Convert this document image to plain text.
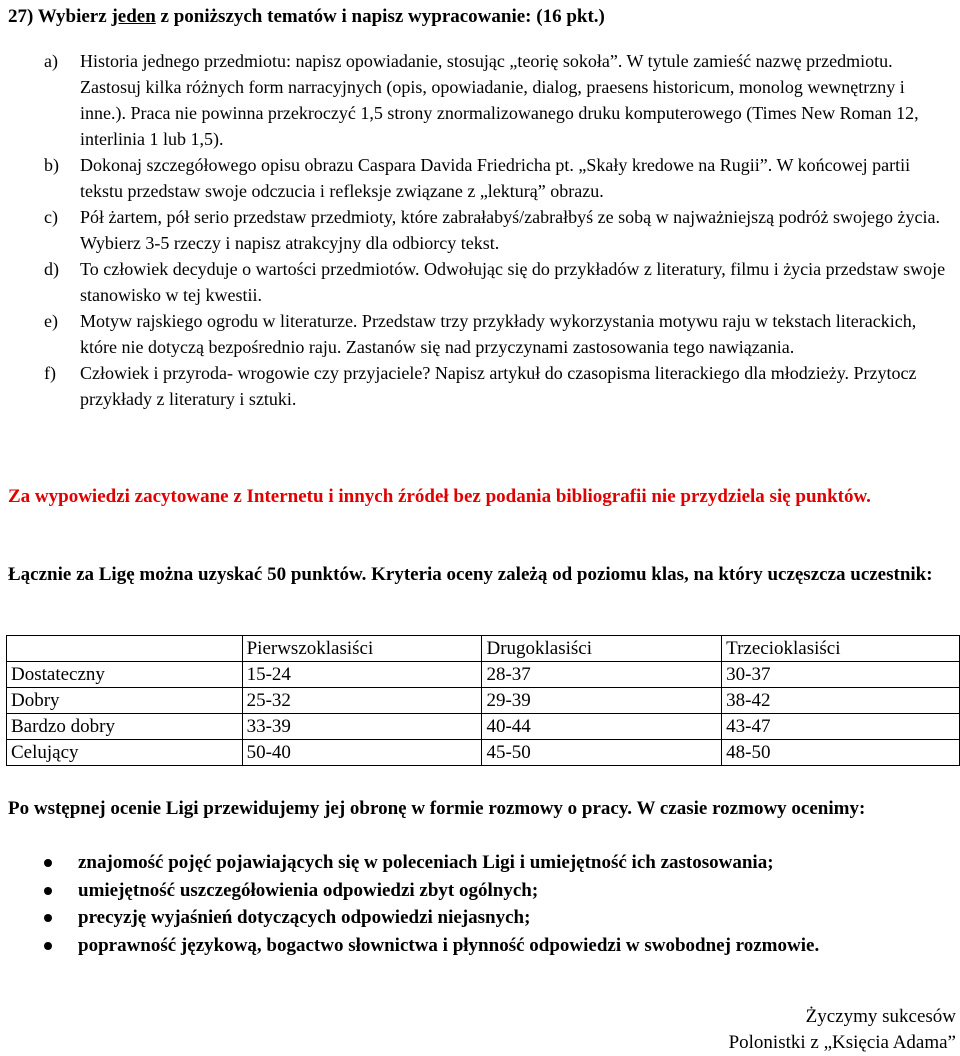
27) Wybierz jeden z poniższych tematów i napisz wypracowanie: (16 pkt.)
a) Historia jednego przedmiotu: napisz opowiadanie, stosując „teorię sokoła”. W tytule zamieść nazwę przedmiotu. Zastosuj kilka różnych form narracyjnych (opis, opowiadanie, dialog, praesens historicum, monolog wewnętrzny i inne.). Praca nie powinna przekroczyć 1,5 strony znormalizowanego druku komputerowego (Times New Roman 12, interlinia 1 lub 1,5).
b) Dokonaj szczegółowego opisu obrazu Caspara Davida Friedricha pt. „Skały kredowe na Rugii”. W końcowej partii tekstu przedstaw swoje odczucia i refleksje związane z „lekturą” obrazu.
c) Pół żartem, pół serio przedstaw przedmioty, które zabrałabyś/zabrałbyś ze sobą w najważniejszą podróż swojego życia. Wybierz 3-5 rzeczy i napisz atrakcyjny dla odbiorcy tekst.
d) To człowiek decyduje o wartości przedmiotów. Odwołując się do przykładów z literatury, filmu i życia przedstaw swoje stanowisko w tej kwestii.
e) Motyw rajskiego ogrodu w literaturze. Przedstaw trzy przykłady wykorzystania motywu raju w tekstach literackich, które nie dotyczą bezpośrednio raju. Zastanów się nad przyczynami zastosowania tego nawiązania.
f) Człowiek i przyroda- wrogowie czy przyjaciele? Napisz artykuł do czasopisma literackiego dla młodzieży. Przytocz przykłady z literatury i sztuki.
Za wypowiedzi zacytowane z Internetu i innych źródeł bez podania bibliografii nie przydziela się punktów.
Łącznie za Ligę można uzyskać 50 punktów. Kryteria oceny zależą od poziomu klas, na który uczęszcza uczestnik:
	Pierwszoklasiści	Drugoklasiści	Trzecioklasiści
Dostateczny	15-24	28-37	30-37
Dobry	25-32	29-39	38-42
Bardzo dobry	33-39	40-44	43-47
Celujący	50-40	45-50	48-50
Po wstępnej ocenie Ligi przewidujemy jej obronę w formie rozmowy o pracy. W czasie rozmowy ocenimy:
znajomość pojęć pojawiających się w poleceniach Ligi i umiejętność ich zastosowania;
umiejętność uszczegółowienia odpowiedzi zbyt ogólnych;
precyzję wyjaśnień dotyczących odpowiedzi niejasnych;
poprawność językową, bogactwo słownictwa i płynność odpowiedzi w swobodnej rozmowie.
Życzymy sukcesów
Polonistki z „Księcia Adama”
